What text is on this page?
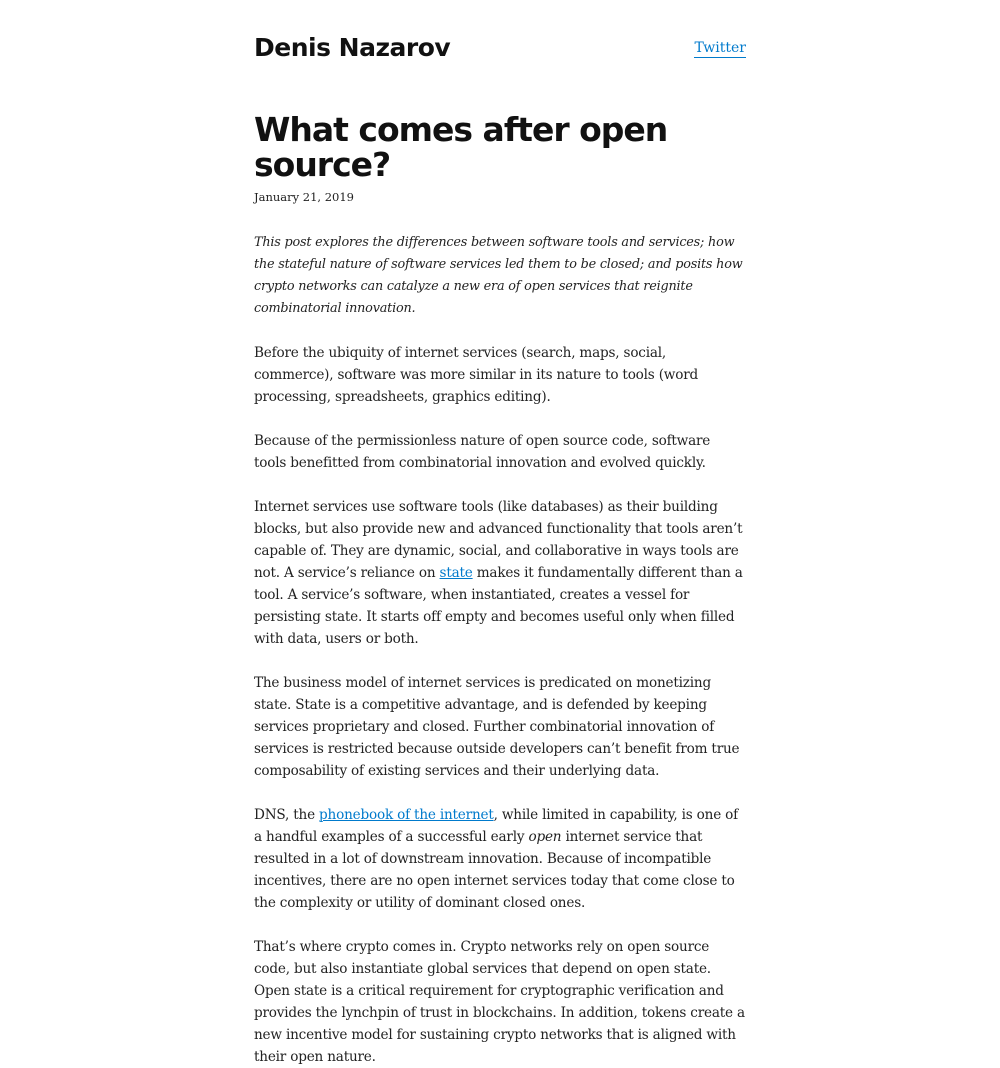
Denis Nazarov	Twitter
What comes after open source?

January 21, 2019

This post explores the differences between software tools and services; how the stateful nature of software services led them to be closed; and posits how crypto networks can catalyze a new era of open services that reignite combinatorial innovation.

Before the ubiquity of internet services (search, maps, social, commerce), software was more similar in its nature to tools (word processing, spreadsheets, graphics editing).

Because of the permissionless nature of open source code, software tools benefitted from combinatorial innovation and evolved quickly.

Internet services use software tools (like databases) as their building blocks, but also provide new and advanced functionality that tools aren’t capable of. They are dynamic, social, and collaborative in ways tools are not. A service’s reliance on state makes it fundamentally different than a tool. A service’s software, when instantiated, creates a vessel for persisting state. It starts off empty and becomes useful only when filled with data, users or both.

The business model of internet services is predicated on monetizing state. State is a competitive advantage, and is defended by keeping services proprietary and closed. Further combinatorial innovation of services is restricted because outside developers can’t benefit from true composability of existing services and their underlying data.

DNS, the phonebook of the internet, while limited in capability, is one of a handful examples of a successful early open internet service that resulted in a lot of downstream innovation. Because of incompatible incentives, there are no open internet services today that come close to the complexity or utility of dominant closed ones.

That’s where crypto comes in. Crypto networks rely on open source code, but also instantiate global services that depend on open state. Open state is a critical requirement for cryptographic verification and provides the lynchpin of trust in blockchains. In addition, tokens create a new incentive model for sustaining crypto networks that is aligned with their open nature.
